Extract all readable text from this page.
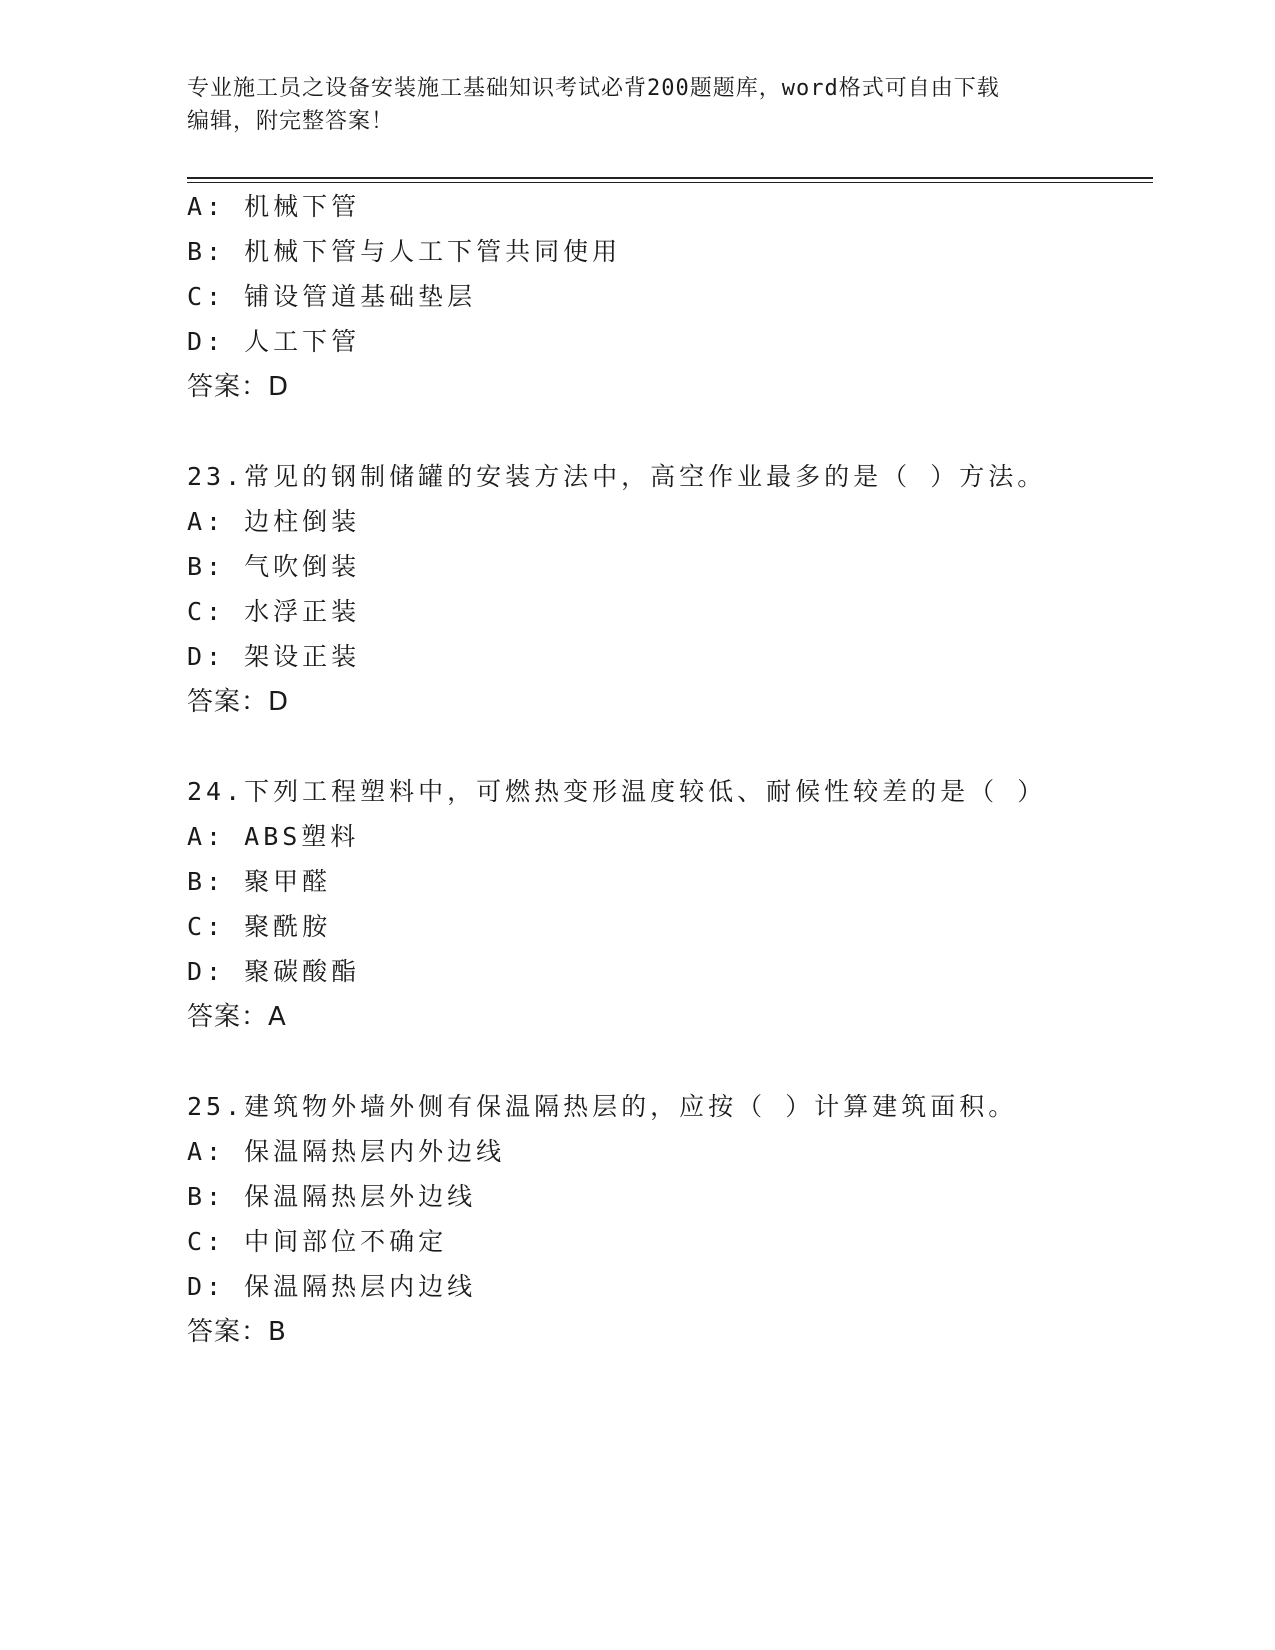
专业施工员之设备安装施工基础知识考试必背200题题库，word格式可自由下载
编辑，附完整答案！
A: 机械下管
B: 机械下管与人工下管共同使用
C: 铺设管道基础垫层
D: 人工下管
答案：D
23.常见的钢制储罐的安装方法中，高空作业最多的是（ ）方法。
A: 边柱倒装
B: 气吹倒装
C: 水浮正装
D: 架设正装
答案：D
24.下列工程塑料中，可燃热变形温度较低、耐候性较差的是（ ）
A: ABS塑料
B: 聚甲醛
C: 聚酰胺
D: 聚碳酸酯
答案：A
25.建筑物外墙外侧有保温隔热层的，应按（ ）计算建筑面积。
A: 保温隔热层内外边线
B: 保温隔热层外边线
C: 中间部位不确定
D: 保温隔热层内边线
答案：B
